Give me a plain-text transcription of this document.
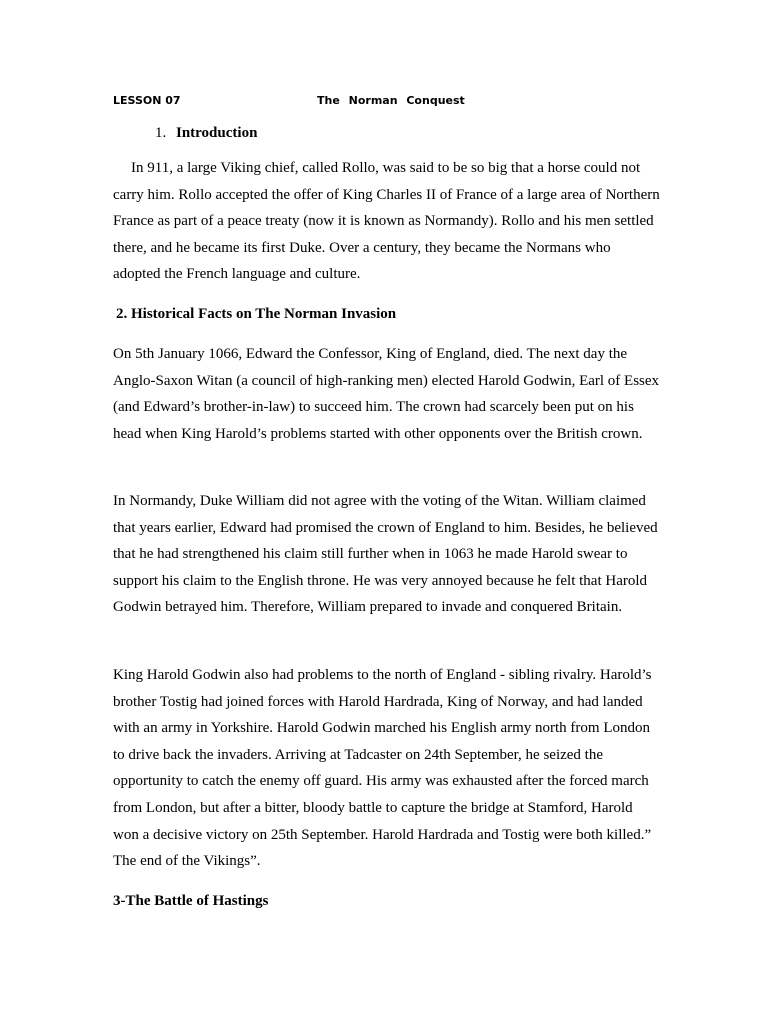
LESSON 07	The Norman Conquest
1. Introduction
In 911, a large Viking chief, called Rollo, was said to be so big that a horse could not carry him. Rollo accepted the offer of King Charles II of France of a large area of Northern France as part of a peace treaty (now it is known as Normandy). Rollo and his men settled there, and he became its first Duke. Over a century, they became the Normans who adopted the French language and culture.
2. Historical Facts on The Norman Invasion
On 5th January 1066, Edward the Confessor, King of England, died. The next day the Anglo-Saxon Witan (a council of high-ranking men) elected Harold Godwin, Earl of Essex (and Edward’s brother-in-law) to succeed him. The crown had scarcely been put on his head when King Harold’s problems started with other opponents over the British crown.
In Normandy, Duke William did not agree with the voting of the Witan. William claimed that years earlier, Edward had promised the crown of England to him. Besides, he believed that he had strengthened his claim still further when in 1063 he made Harold swear to support his claim to the English throne. He was very annoyed because he felt that Harold Godwin betrayed him. Therefore, William prepared to invade and conquered Britain.
King Harold Godwin also had problems to the north of England - sibling rivalry. Harold’s brother Tostig had joined forces with Harold Hardrada, King of Norway, and had landed with an army in Yorkshire. Harold Godwin marched his English army north from London to drive back the invaders. Arriving at Tadcaster on 24th September, he seized the opportunity to catch the enemy off guard. His army was exhausted after the forced march from London, but after a bitter, bloody battle to capture the bridge at Stamford, Harold won a decisive victory on 25th September. Harold Hardrada and Tostig were both killed.” The end of the Vikings”.
3-The Battle of Hastings
